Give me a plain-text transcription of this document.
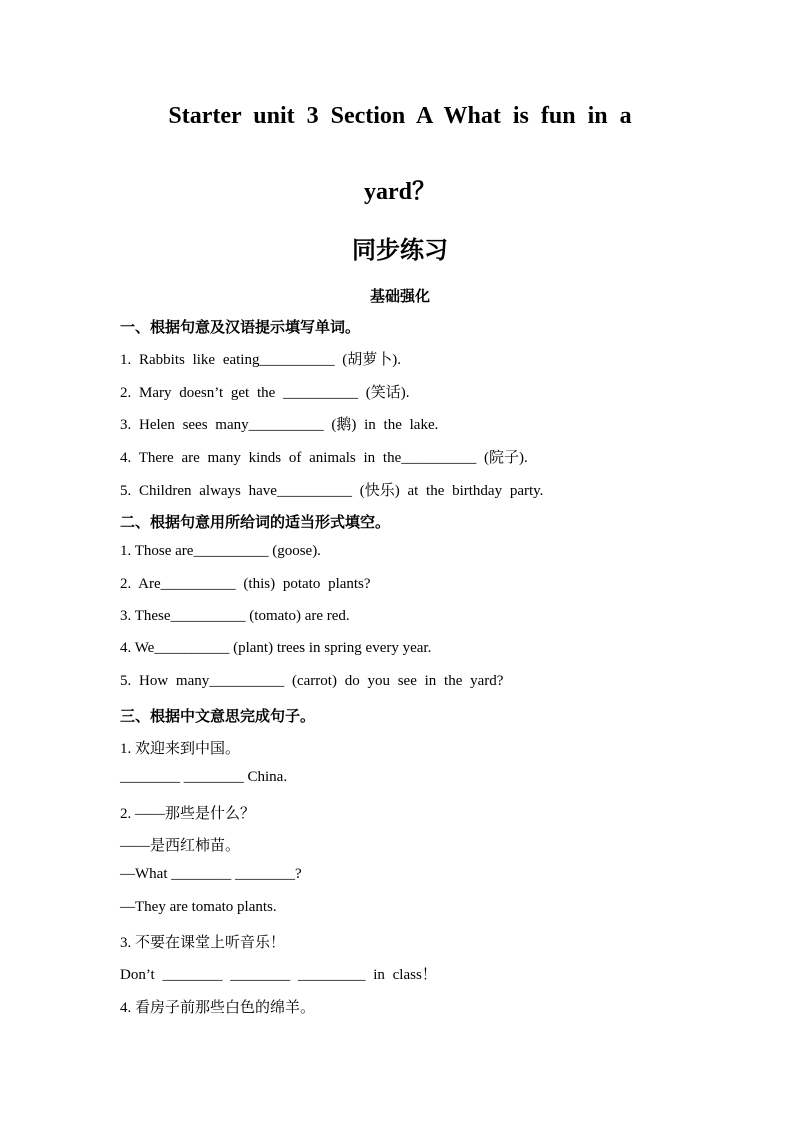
Starter unit 3 Section A What is fun in a
yard？
同步练习
基础强化
一、根据句意及汉语提示填写单词。
1. Rabbits like eating__________ (胡萝卜).
2. Mary doesn’t get the __________ (笑话).
3. Helen sees many__________ (鹅) in the lake.
4. There are many kinds of animals in the__________ (院子).
5. Children always have__________ (快乐) at the birthday party.
二、根据句意用所给词的适当形式填空。
1. Those are__________ (goose).
2. Are__________ (this) potato plants?
3. These__________ (tomato) are red.
4. We__________ (plant) trees in spring every year.
5. How many__________ (carrot) do you see in the yard?
三、根据中文意思完成句子。
1. 欢迎来到中国。
________ ________ China.
2. ——那些是什么？
——是西红柿苗。
—What ________ ________?
—They are tomato plants.
3. 不要在课堂上听音乐！
Don’t ________ ________ _________ in class！
4. 看房子前那些白色的绵羊。
